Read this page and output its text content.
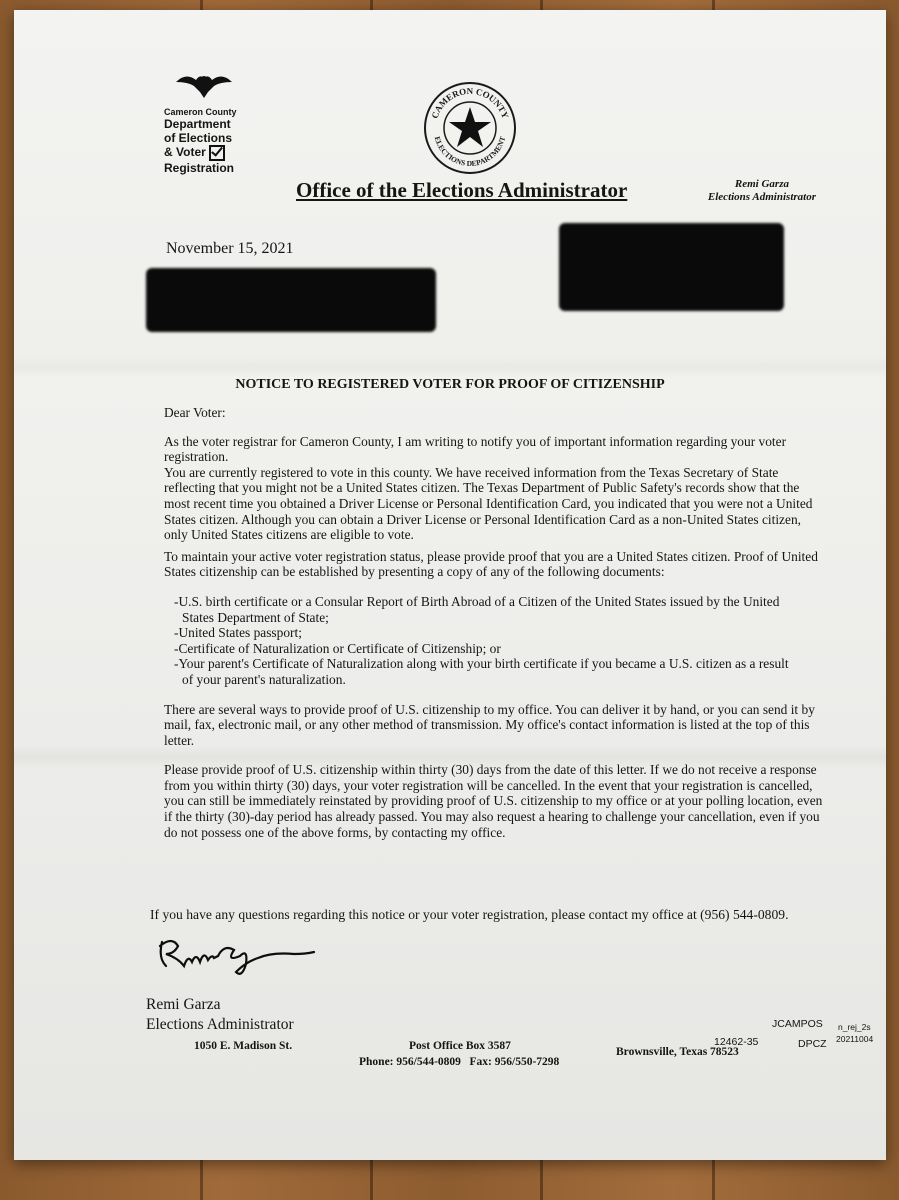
Cameron County
Department
of Elections
& Voter
Registration
CAMERON COUNTY
ELECTIONS DEPARTMENT
Office of the Elections Administrator	Remi Garza
Elections Administrator
November 15, 2021
NOTICE TO REGISTERED VOTER FOR PROOF OF CITIZENSHIP

Dear Voter:

As the voter registrar for Cameron County, I am writing to notify you of important information regarding your voter registration.
You are currently registered to vote in this county. We have received information from the Texas Secretary of State reflecting that you might not be a United States citizen. The Texas Department of Public Safety's records show that the most recent time you obtained a Driver License or Personal Identification Card, you indicated that you were not a United States citizen. Although you can obtain a Driver License or Personal Identification Card as a non-United States citizen, only United States citizens are eligible to vote.

To maintain your active voter registration status, please provide proof that you are a United States citizen. Proof of United States citizenship can be established by presenting a copy of any of the following documents:

-U.S. birth certificate or a Consular Report of Birth Abroad of a Citizen of the United States issued by the United
States Department of State;
-United States passport;
-Certificate of Naturalization or Certificate of Citizenship; or
-Your parent's Certificate of Naturalization along with your birth certificate if you became a U.S. citizen as a result
of your parent's naturalization.

There are several ways to provide proof of U.S. citizenship to my office. You can deliver it by hand, or you can send it by mail, fax, electronic mail, or any other method of transmission. My office's contact information is listed at the top of this letter.

Please provide proof of U.S. citizenship within thirty (30) days from the date of this letter. If we do not receive a response from you within thirty (30) days, your voter registration will be cancelled. In the event that your registration is cancelled, you can still be immediately reinstated by providing proof of U.S. citizenship to my office or at your polling location, even if the thirty (30)-day period has already passed. You may also request a hearing to challenge your cancellation, even if you do not possess one of the above forms, by contacting my office.

If you have any questions regarding this notice or your voter registration, please contact my office at (956) 544-0809.
Remi Garza
Elections Administrator
1050 E. Madison St.	Post Office Box 3587
Phone: 956/544-0809   Fax: 956/550-7298
Brownsville, Texas 78523
12462-35
JCAMPOS
DPCZ
n_rej_2s
20211004
